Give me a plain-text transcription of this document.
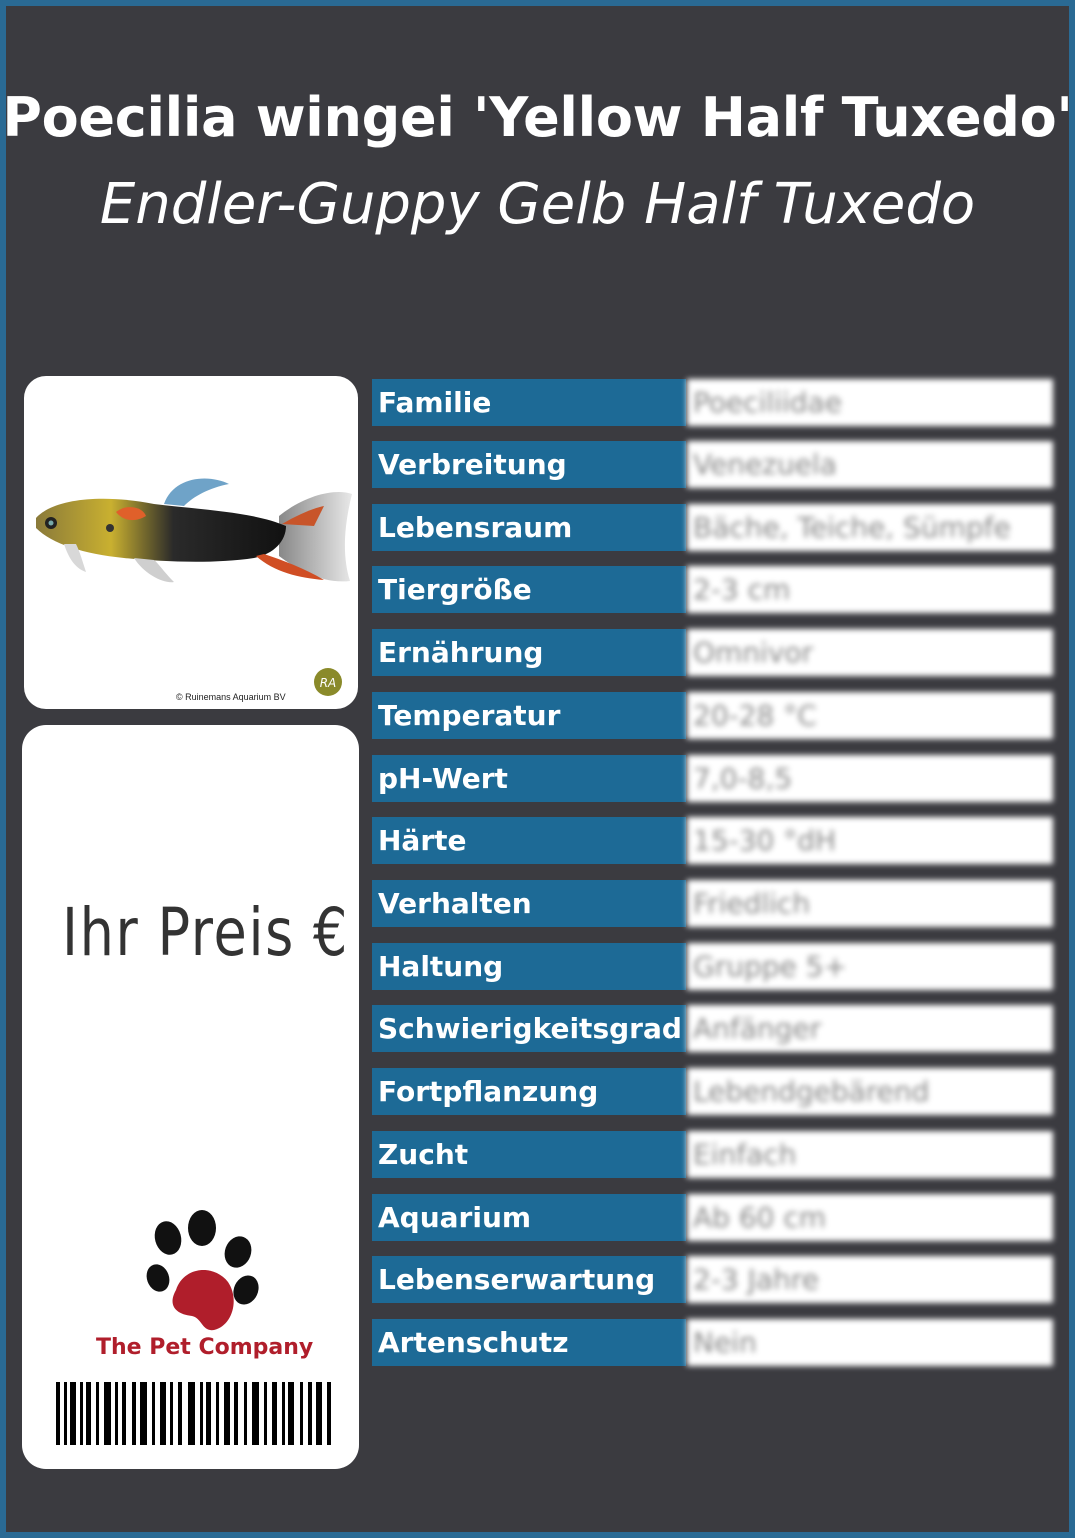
Poecilia wingei 'Yellow Half Tuxedo'
Endler-Guppy Gelb Half Tuxedo
RA
© Ruinemans Aquarium BV
Ihr Preis €
The Pet Company
Familie	Poeciliidae
Verbreitung	Venezuela
Lebensraum	Bäche, Teiche, Sümpfe
Tiergröße	2-3 cm
Ernährung	Omnivor
Temperatur	20-28 °C
pH-Wert	7,0-8,5
Härte	15-30 °dH
Verhalten	Friedlich
Haltung	Gruppe 5+
Schwierigkeitsgrad Anfänger
Fortpflanzung	Lebendgebärend
Zucht	Einfach
Aquarium	Ab 60 cm
Lebenserwartung	2-3 Jahre
Artenschutz	Nein
